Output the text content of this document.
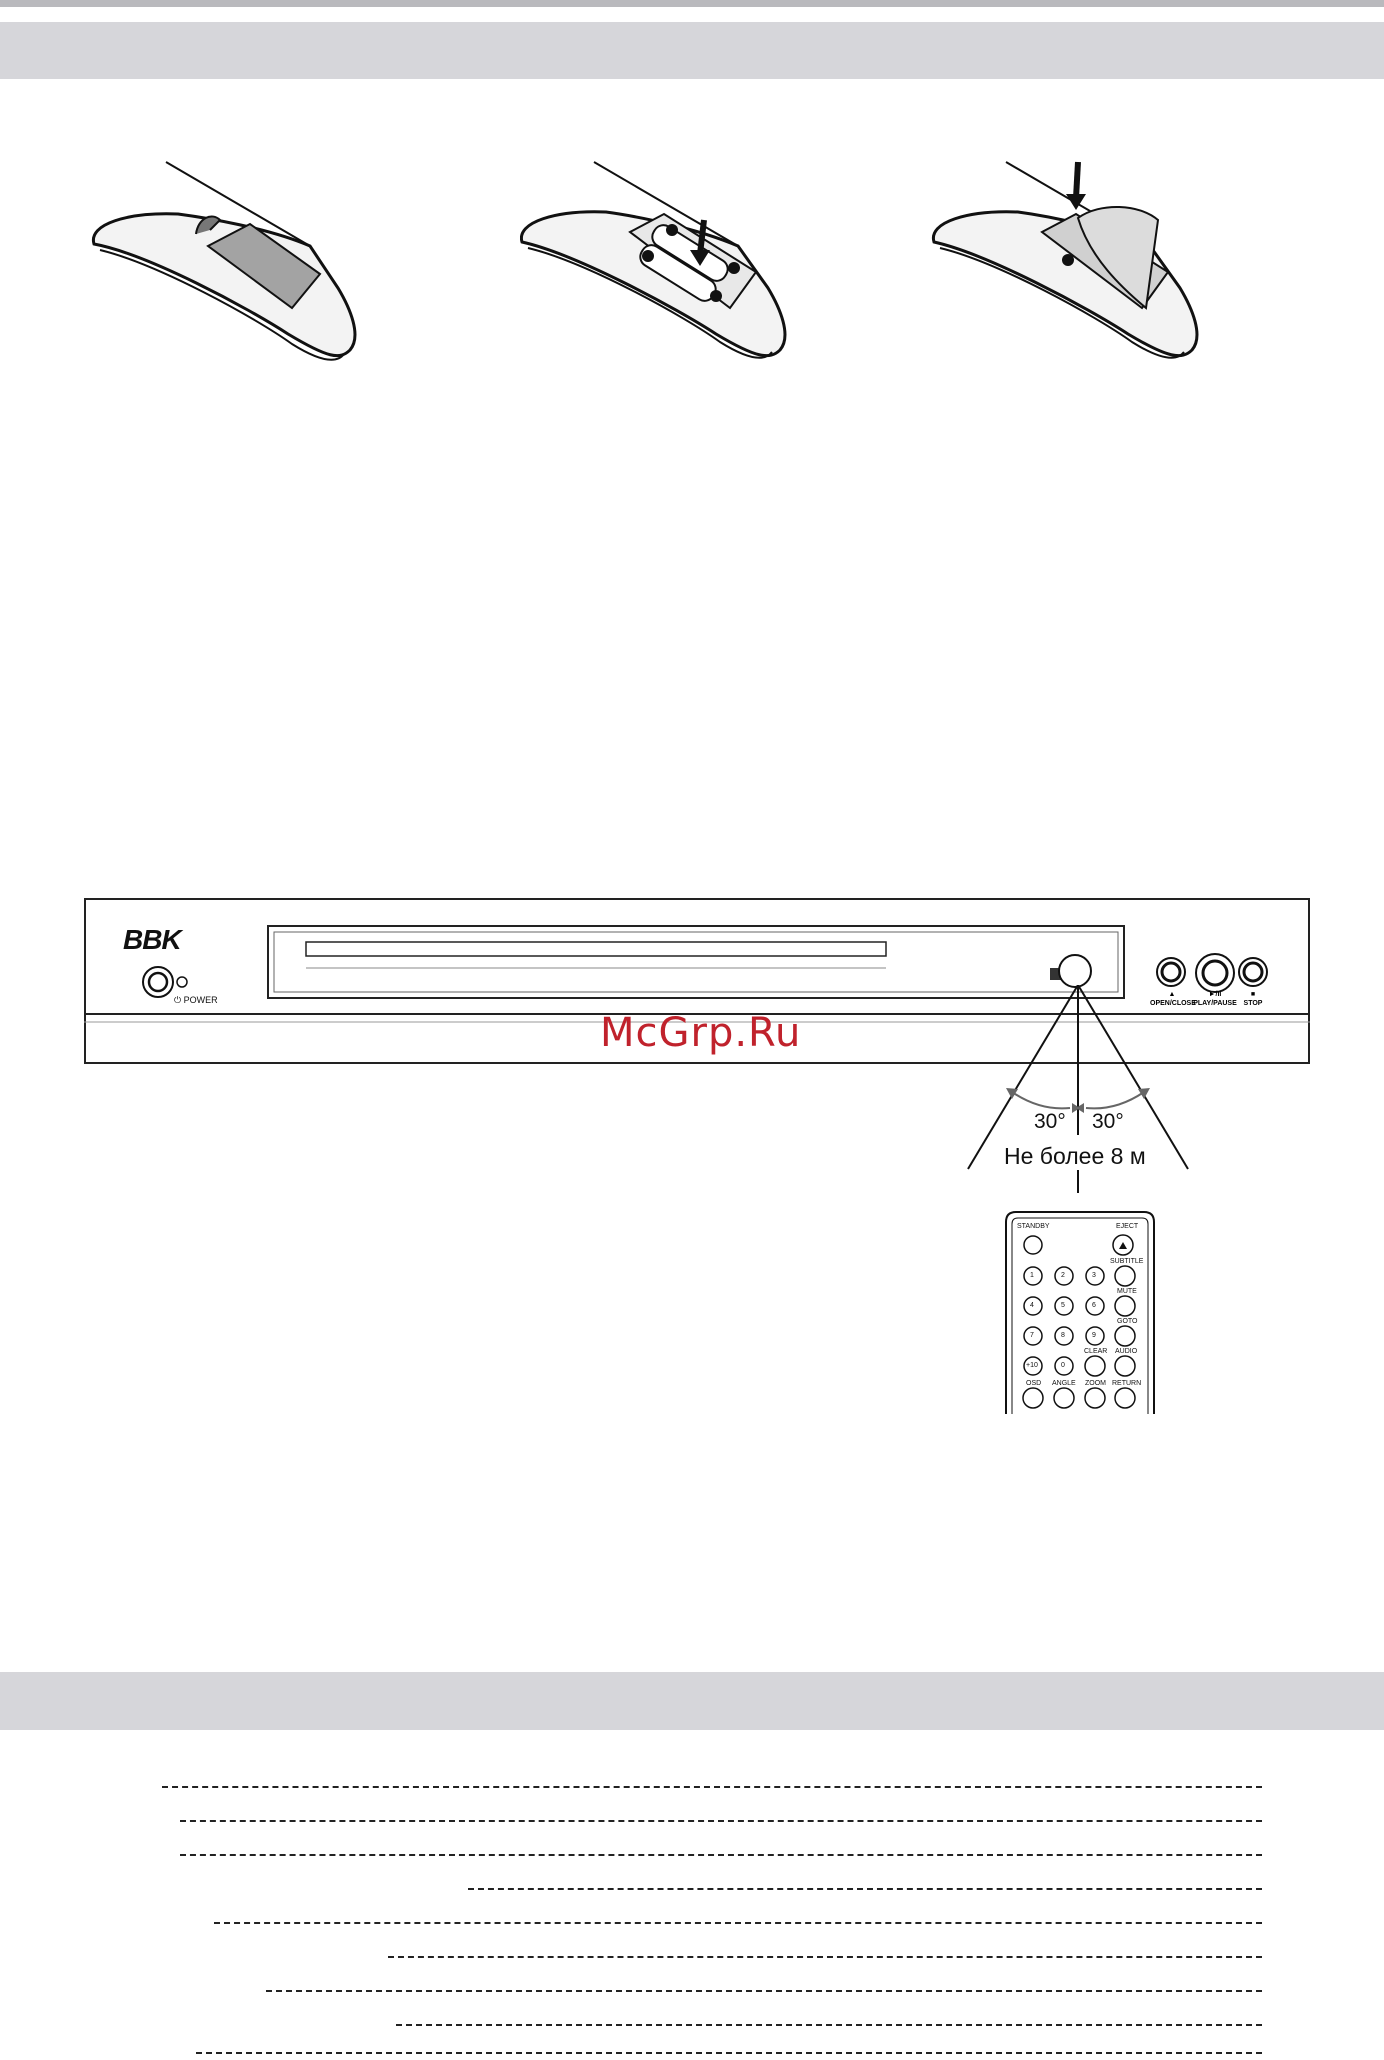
BBK
⏻ POWER
▲
OPEN/CLOSE
►/II
PLAY/PAUSE
■
STOP
McGrp.Ru
30° 30°
Не более 8 м
STANDBY	EJECT
SUBTITLE
MUTE
GOTO
CLEAR AUDIO
OSD ANGLE ZOOM RETURN
1	2	3
4	5	6
7	8	9
+10	0
